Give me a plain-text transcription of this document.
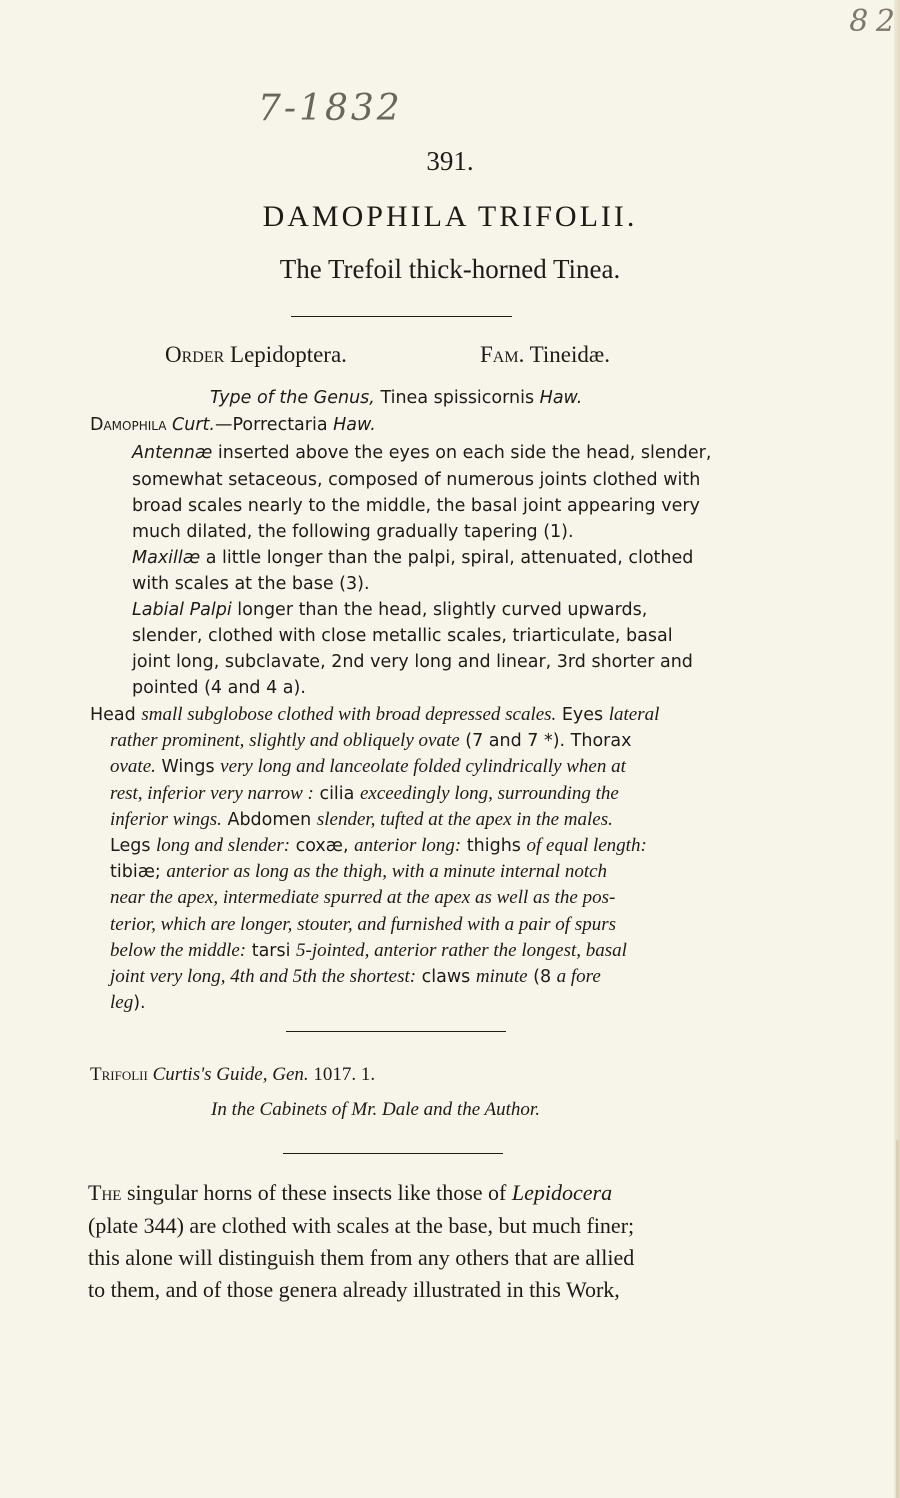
8 2
7-1832
391.
DAMOPHILA TRIFOLII.
The Trefoil thick-horned Tinea.
Order Lepidoptera.	Fam. Tineidæ.
Type of the Genus, Tinea spissicornis Haw.
Damophila Curt.—Porrectaria Haw.
Antennæ inserted above the eyes on each side the head, slender,
somewhat setaceous, composed of numerous joints clothed with
broad scales nearly to the middle, the basal joint appearing very
much dilated, the following gradually tapering (1).
Maxillæ a little longer than the palpi, spiral, attenuated, clothed
with scales at the base (3).
Labial Palpi longer than the head, slightly curved upwards,
slender, clothed with close metallic scales, triarticulate, basal
joint long, subclavate, 2nd very long and linear, 3rd shorter and
pointed (4 and 4 a).
Head small subglobose clothed with broad depressed scales. Eyes lateral
rather prominent, slightly and obliquely ovate (7 and 7 *). Thorax
ovate. Wings very long and lanceolate folded cylindrically when at
rest, inferior very narrow : cilia exceedingly long, surrounding the
inferior wings. Abdomen slender, tufted at the apex in the males.
Legs long and slender: coxæ, anterior long: thighs of equal length:
tibiæ; anterior as long as the thigh, with a minute internal notch
near the apex, intermediate spurred at the apex as well as the pos-
terior, which are longer, stouter, and furnished with a pair of spurs
below the middle: tarsi 5-jointed, anterior rather the longest, basal
joint very long, 4th and 5th the shortest: claws minute (8 a fore
leg).
Trifolii Curtis's Guide, Gen. 1017. 1.
In the Cabinets of Mr. Dale and the Author.
The singular horns of these insects like those of Lepidocera
(plate 344) are clothed with scales at the base, but much finer;
this alone will distinguish them from any others that are allied
to them, and of those genera already illustrated in this Work,
